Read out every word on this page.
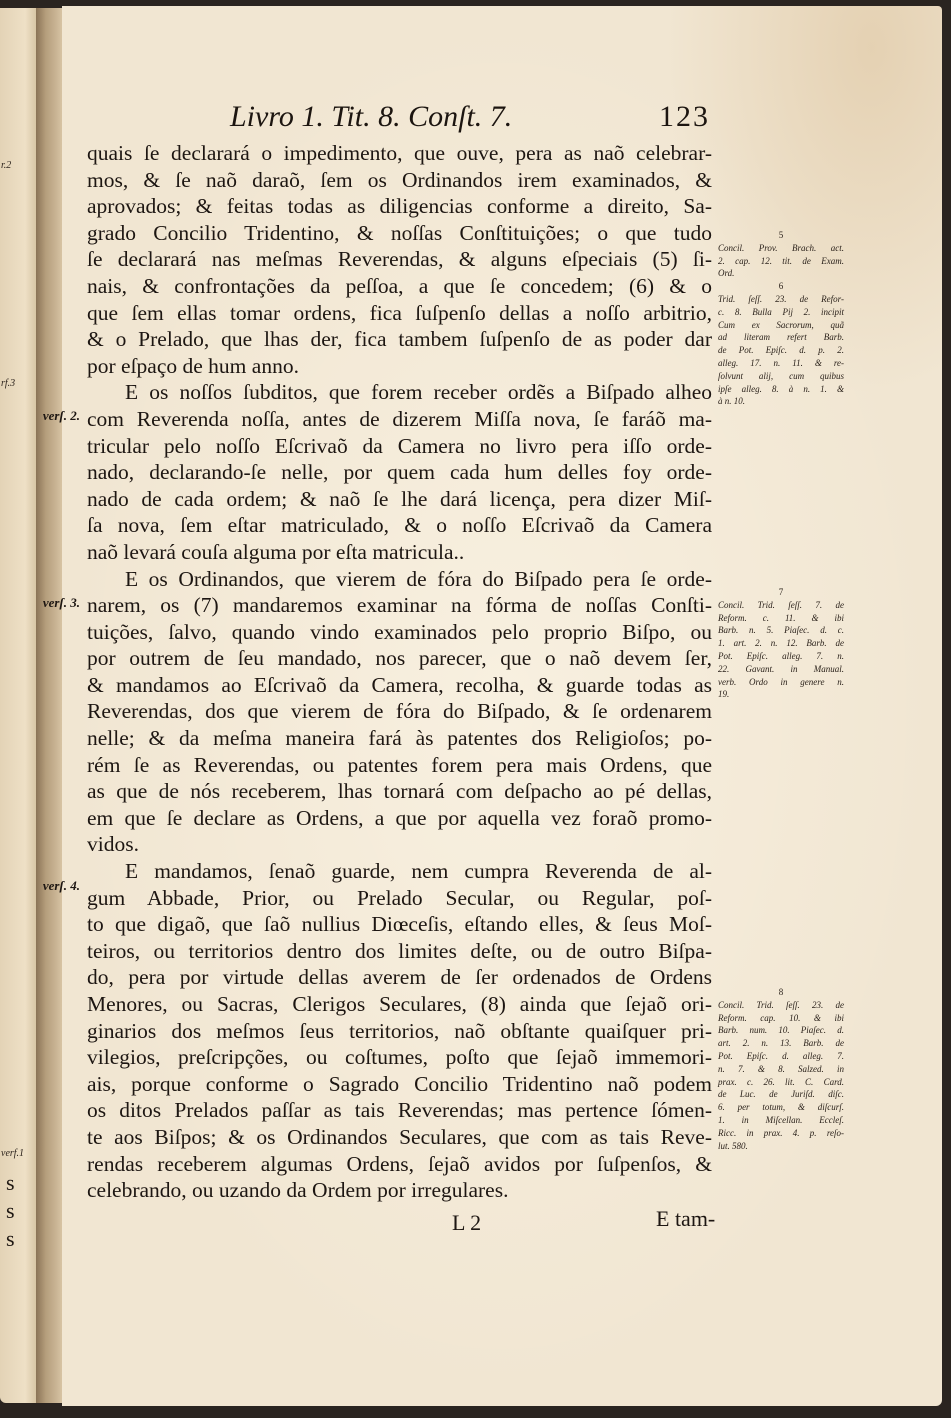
r.2
rf.3
verf.1
s
s
s
Livro 1. Tit. 8. Conſt. 7.	123
quais ſe declarará o impedimento, que ouve, pera as naõ celebrar-
mos, & ſe naõ daraõ, ſem os Ordinandos irem examinados, &
aprovados; & feitas todas as diligencias conforme a direito, Sa-
grado Concilio Tridentino, & noſſas Conſtituições; o que tudo
ſe declarará nas meſmas Reverendas, & alguns eſpeciais (5) ſi-
nais, & confrontações da peſſoa, a que ſe concedem; (6) & o
que ſem ellas tomar ordens, fica ſuſpenſo dellas a noſſo arbitrio,
& o Prelado, que lhas der, fica tambem ſuſpenſo de as poder dar
por eſpaço de hum anno.
E os noſſos ſubditos, que forem receber ordẽs a Biſpado alheo
com Reverenda noſſa, antes de dizerem Miſſa nova, ſe faráõ ma-
tricular pelo noſſo Eſcrivaõ da Camera no livro pera iſſo orde-
nado, declarando-ſe nelle, por quem cada hum delles foy orde-
nado de cada ordem; & naõ ſe lhe dará licença, pera dizer Miſ-
ſa nova, ſem eſtar matriculado, & o noſſo Eſcrivaõ da Camera
naõ levará couſa alguma por eſta matricula..
E os Ordinandos, que vierem de fóra do Biſpado pera ſe orde-
narem, os (7) mandaremos examinar na fórma de noſſas Conſti-
tuições, ſalvo, quando vindo examinados pelo proprio Biſpo, ou
por outrem de ſeu mandado, nos parecer, que o naõ devem ſer,
& mandamos ao Eſcrivaõ da Camera, recolha, & guarde todas as
Reverendas, dos que vierem de fóra do Biſpado, & ſe ordenarem
nelle; & da meſma maneira fará às patentes dos Religioſos; po-
rém ſe as Reverendas, ou patentes forem pera mais Ordens, que
as que de nós receberem, lhas tornará com deſpacho ao pé dellas,
em que ſe declare as Ordens, a que por aquella vez foraõ promo-
vidos.
E mandamos, ſenaõ guarde, nem cumpra Reverenda de al-
gum Abbade, Prior, ou Prelado Secular, ou Regular, poſ-
to que digaõ, que ſaõ nullius Diœceſis, eſtando elles, & ſeus Moſ-
teiros, ou territorios dentro dos limites deſte, ou de outro Biſpa-
do, pera por virtude dellas averem de ſer ordenados de Ordens
Menores, ou Sacras, Clerigos Seculares, (8) ainda que ſejaõ ori-
ginarios dos meſmos ſeus territorios, naõ obſtante quaiſquer pri-
vilegios, preſcripções, ou coſtumes, poſto que ſejaõ immemori-
ais, porque conforme o Sagrado Concilio Tridentino naõ podem
os ditos Prelados paſſar as tais Reverendas; mas pertence ſómen-
te aos Biſpos; & os Ordinandos Seculares, que com as tais Reve-
rendas receberem algumas Ordens, ſejaõ avidos por ſuſpenſos, &
celebrando, ou uzando da Ordem por irregulares.
verſ. 2.
verſ. 3.
verſ. 4.
5
Concil. Prov. Brach. act.
2. cap. 12. tit. de Exam.
Ord.
6
Trid. ſeſſ. 23. de Refor-
c. 8. Bulla Pij 2. incipit
Cum ex Sacrorum, quã
ad literam refert Barb.
de Pot. Epiſc. d. p. 2.
alleg. 17. n. 11. & re-
ſolvunt alij, cum quibus
ipſe alleg. 8. à n. 1. &
à n. 10.
7
Concil. Trid. ſeſſ. 7. de
Reform. c. 11. & ibi
Barb. n. 5. Piaſec. d. c.
1. art. 2. n. 12. Barb. de
Pot. Epiſc. alleg. 7. n.
22. Gavant. in Manual.
verb. Ordo in genere n.
19.
8
Concil. Trid. ſeſſ. 23. de
Reform. cap. 10. & ibi
Barb. num. 10. Piaſec. d.
art. 2. n. 13. Barb. de
Pot. Epiſc. d. alleg. 7.
n. 7. & 8. Salzed. in
prax. c. 26. lit. C. Card.
de Luc. de Juriſd. diſc.
6. per totum, & diſcurſ.
1. in Miſcellan. Eccleſ.
Ricc. in prax. 4. p. reſo-
lut. 580.
L 2	E tam-
